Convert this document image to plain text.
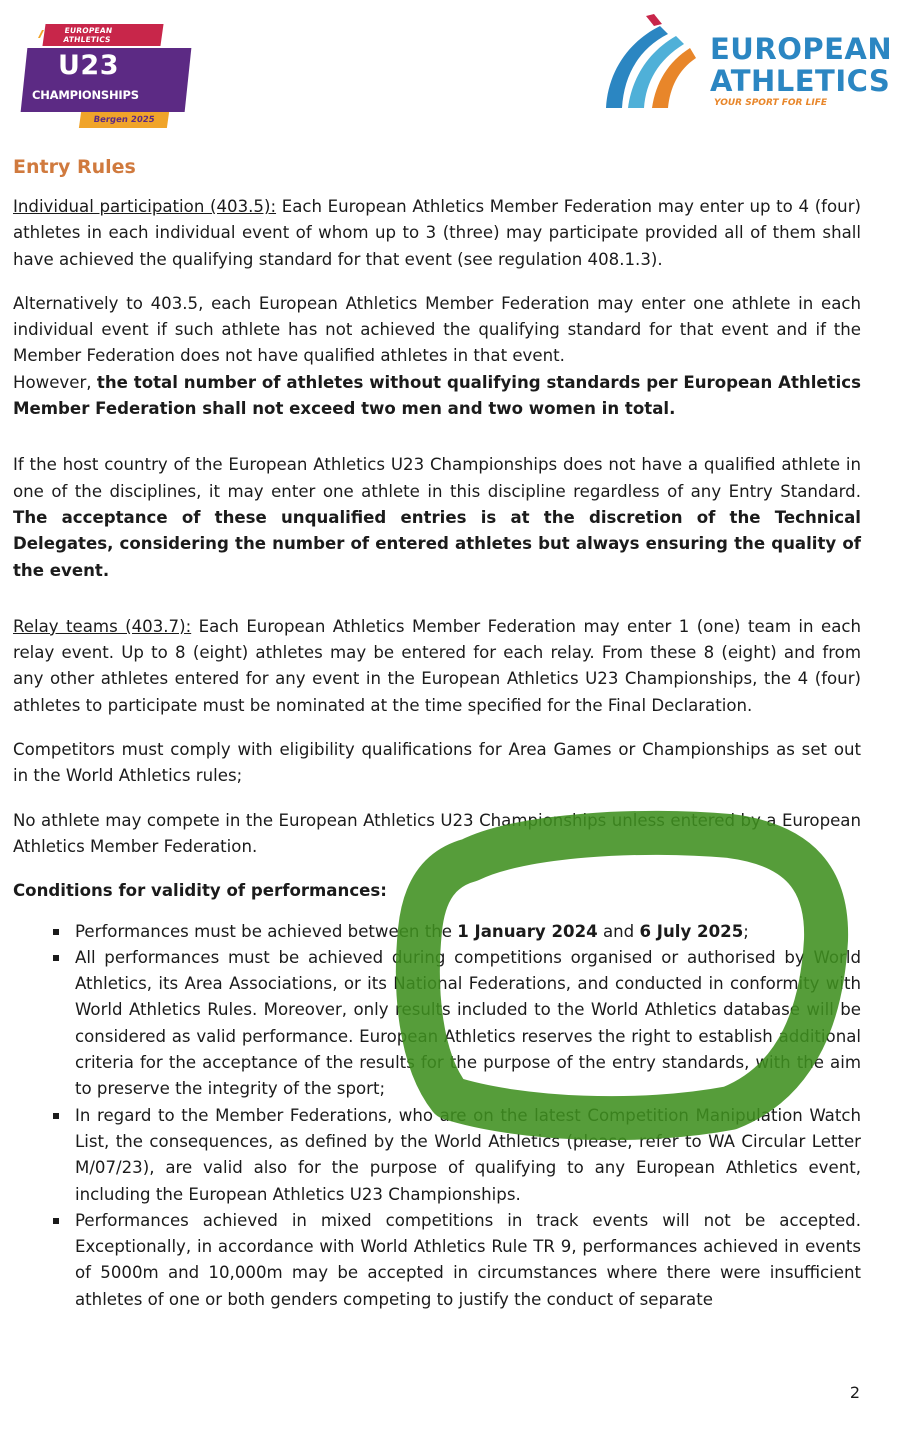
EUROPEAN
ATHLETICS
U23
CHAMPIONSHIPS
Bergen 2025
EUROPEAN
ATHLETICS
YOUR SPORT FOR LIFE
Entry Rules

Individual participation (403.5): Each European Athletics Member Federation may enter up to 4 (four) athletes in each individual event of whom up to 3 (three) may participate provided all of them shall have achieved the qualifying standard for that event (see regulation 408.1.3).

Alternatively to 403.5, each European Athletics Member Federation may enter one athlete in each individual event if such athlete has not achieved the qualifying standard for that event and if the Member Federation does not have qualified athletes in that event.
However, the total number of athletes without qualifying standards per European Athletics Member Federation shall not exceed two men and two women in total.

If the host country of the European Athletics U23 Championships does not have a qualified athlete in one of the disciplines, it may enter one athlete in this discipline regardless of any Entry Standard. The acceptance of these unqualified entries is at the discretion of the Technical Delegates, considering the number of entered athletes but always ensuring the quality of the event.

Relay teams (403.7): Each European Athletics Member Federation may enter 1 (one) team in each relay event. Up to 8 (eight) athletes may be entered for each relay. From these 8 (eight) and from any other athletes entered for any event in the European Athletics U23 Championships, the 4 (four) athletes to participate must be nominated at the time specified for the Final Declaration.

Competitors must comply with eligibility qualifications for Area Games or Championships as set out in the World Athletics rules;

No athlete may compete in the European Athletics U23 Championships unless entered by a European Athletics Member Federation.

Conditions for validity of performances:
Performances must be achieved between the 1 January 2024 and 6 July 2025;
All performances must be achieved during competitions organised or authorised by World Athletics, its Area Associations, or its National Federations, and conducted in conformity with World Athletics Rules. Moreover, only results included to the World Athletics database will be considered as valid performance. European Athletics reserves the right to establish additional criteria for the acceptance of the results for the purpose of the entry standards, with the aim to preserve the integrity of the sport;
In regard to the Member Federations, who are on the latest Competition Manipulation Watch List, the consequences, as defined by the World Athletics (please, refer to WA Circular Letter M/07/23), are valid also for the purpose of qualifying to any European Athletics event, including the European Athletics U23 Championships.
Performances achieved in mixed competitions in track events will not be accepted. Exceptionally, in accordance with World Athletics Rule TR 9, performances achieved in events of 5000m and 10,000m may be accepted in circumstances where there were insufficient athletes of one or both genders competing to justify the conduct of separate
2
